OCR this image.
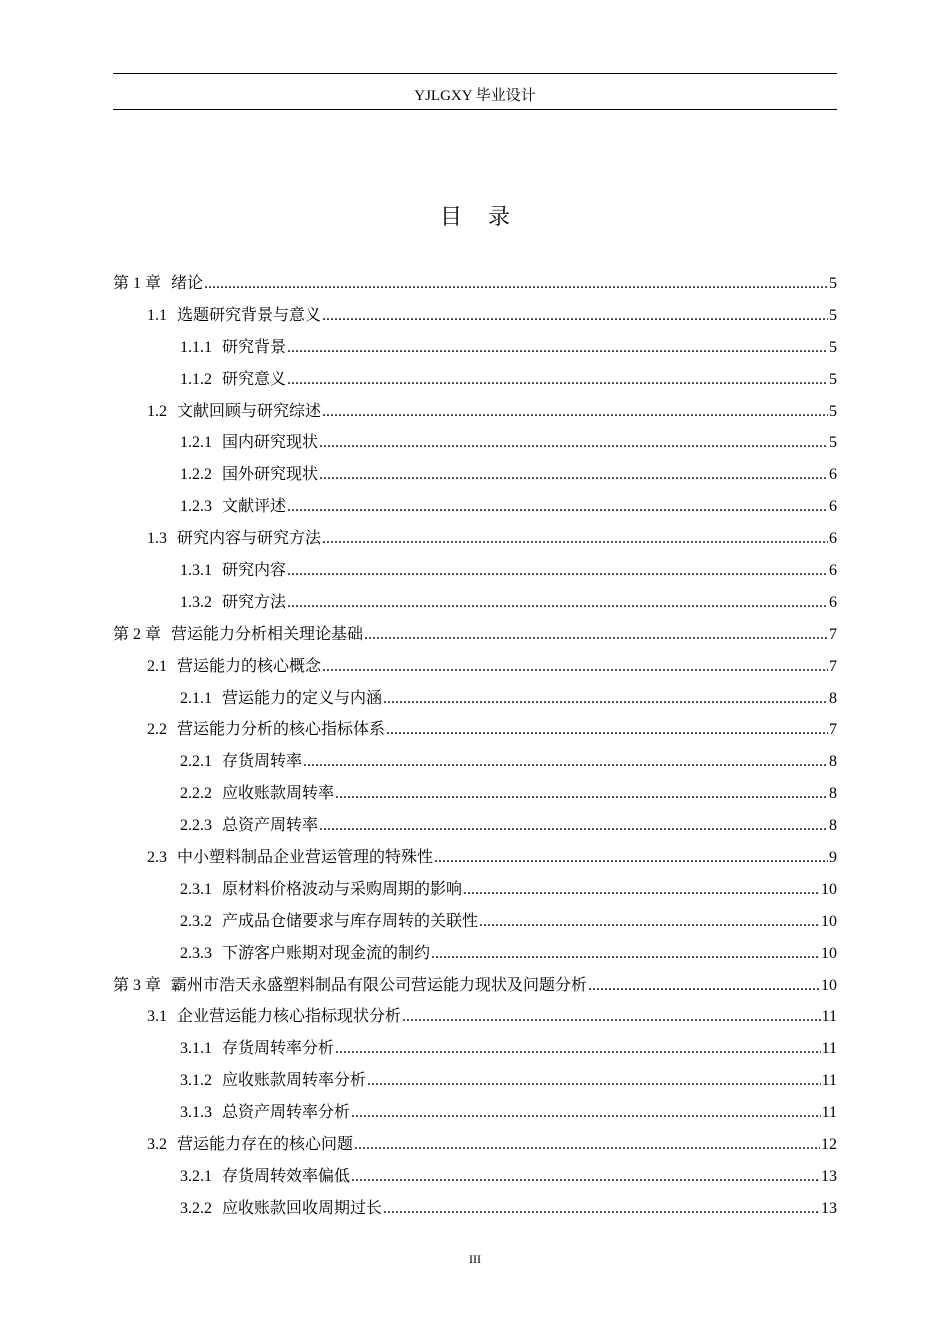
YJLGXY 毕业设计
目录
第 1 章 绪论 .....	5
1.1 选题研究背景与意义 .....	5
1.1.1 研究背景 .....	5
1.1.2 研究意义 .....	5
1.2 文献回顾与研究综述 .....	5
1.2.1 国内研究现状 .....	5
1.2.2 国外研究现状 .....	6
1.2.3 文献评述 .....	6
1.3 研究内容与研究方法 .....	6
1.3.1 研究内容 .....	6
1.3.2 研究方法 .....	6
第 2 章 营运能力分析相关理论基础 .....	7
2.1 营运能力的核心概念 .....	7
2.1.1 营运能力的定义与内涵 .....	8
2.2 营运能力分析的核心指标体系 .....	7
2.2.1 存货周转率 .....	8
2.2.2 应收账款周转率 .....	8
2.2.3 总资产周转率 .....	8
2.3 中小塑料制品企业营运管理的特殊性 .....	9
2.3.1 原材料价格波动与采购周期的影响 .....	10
2.3.2 产成品仓储要求与库存周转的关联性 .....	10
2.3.3 下游客户账期对现金流的制约 .....	10
第 3 章 霸州市浩天永盛塑料制品有限公司营运能力现状及问题分析 .....	10
3.1 企业营运能力核心指标现状分析 .....	11
3.1.1 存货周转率分析 .....	11
3.1.2 应收账款周转率分析 .....	11
3.1.3 总资产周转率分析 .....	11
3.2 营运能力存在的核心问题 .....	12
3.2.1 存货周转效率偏低 .....	13
3.2.2 应收账款回收周期过长 .....	13
III
